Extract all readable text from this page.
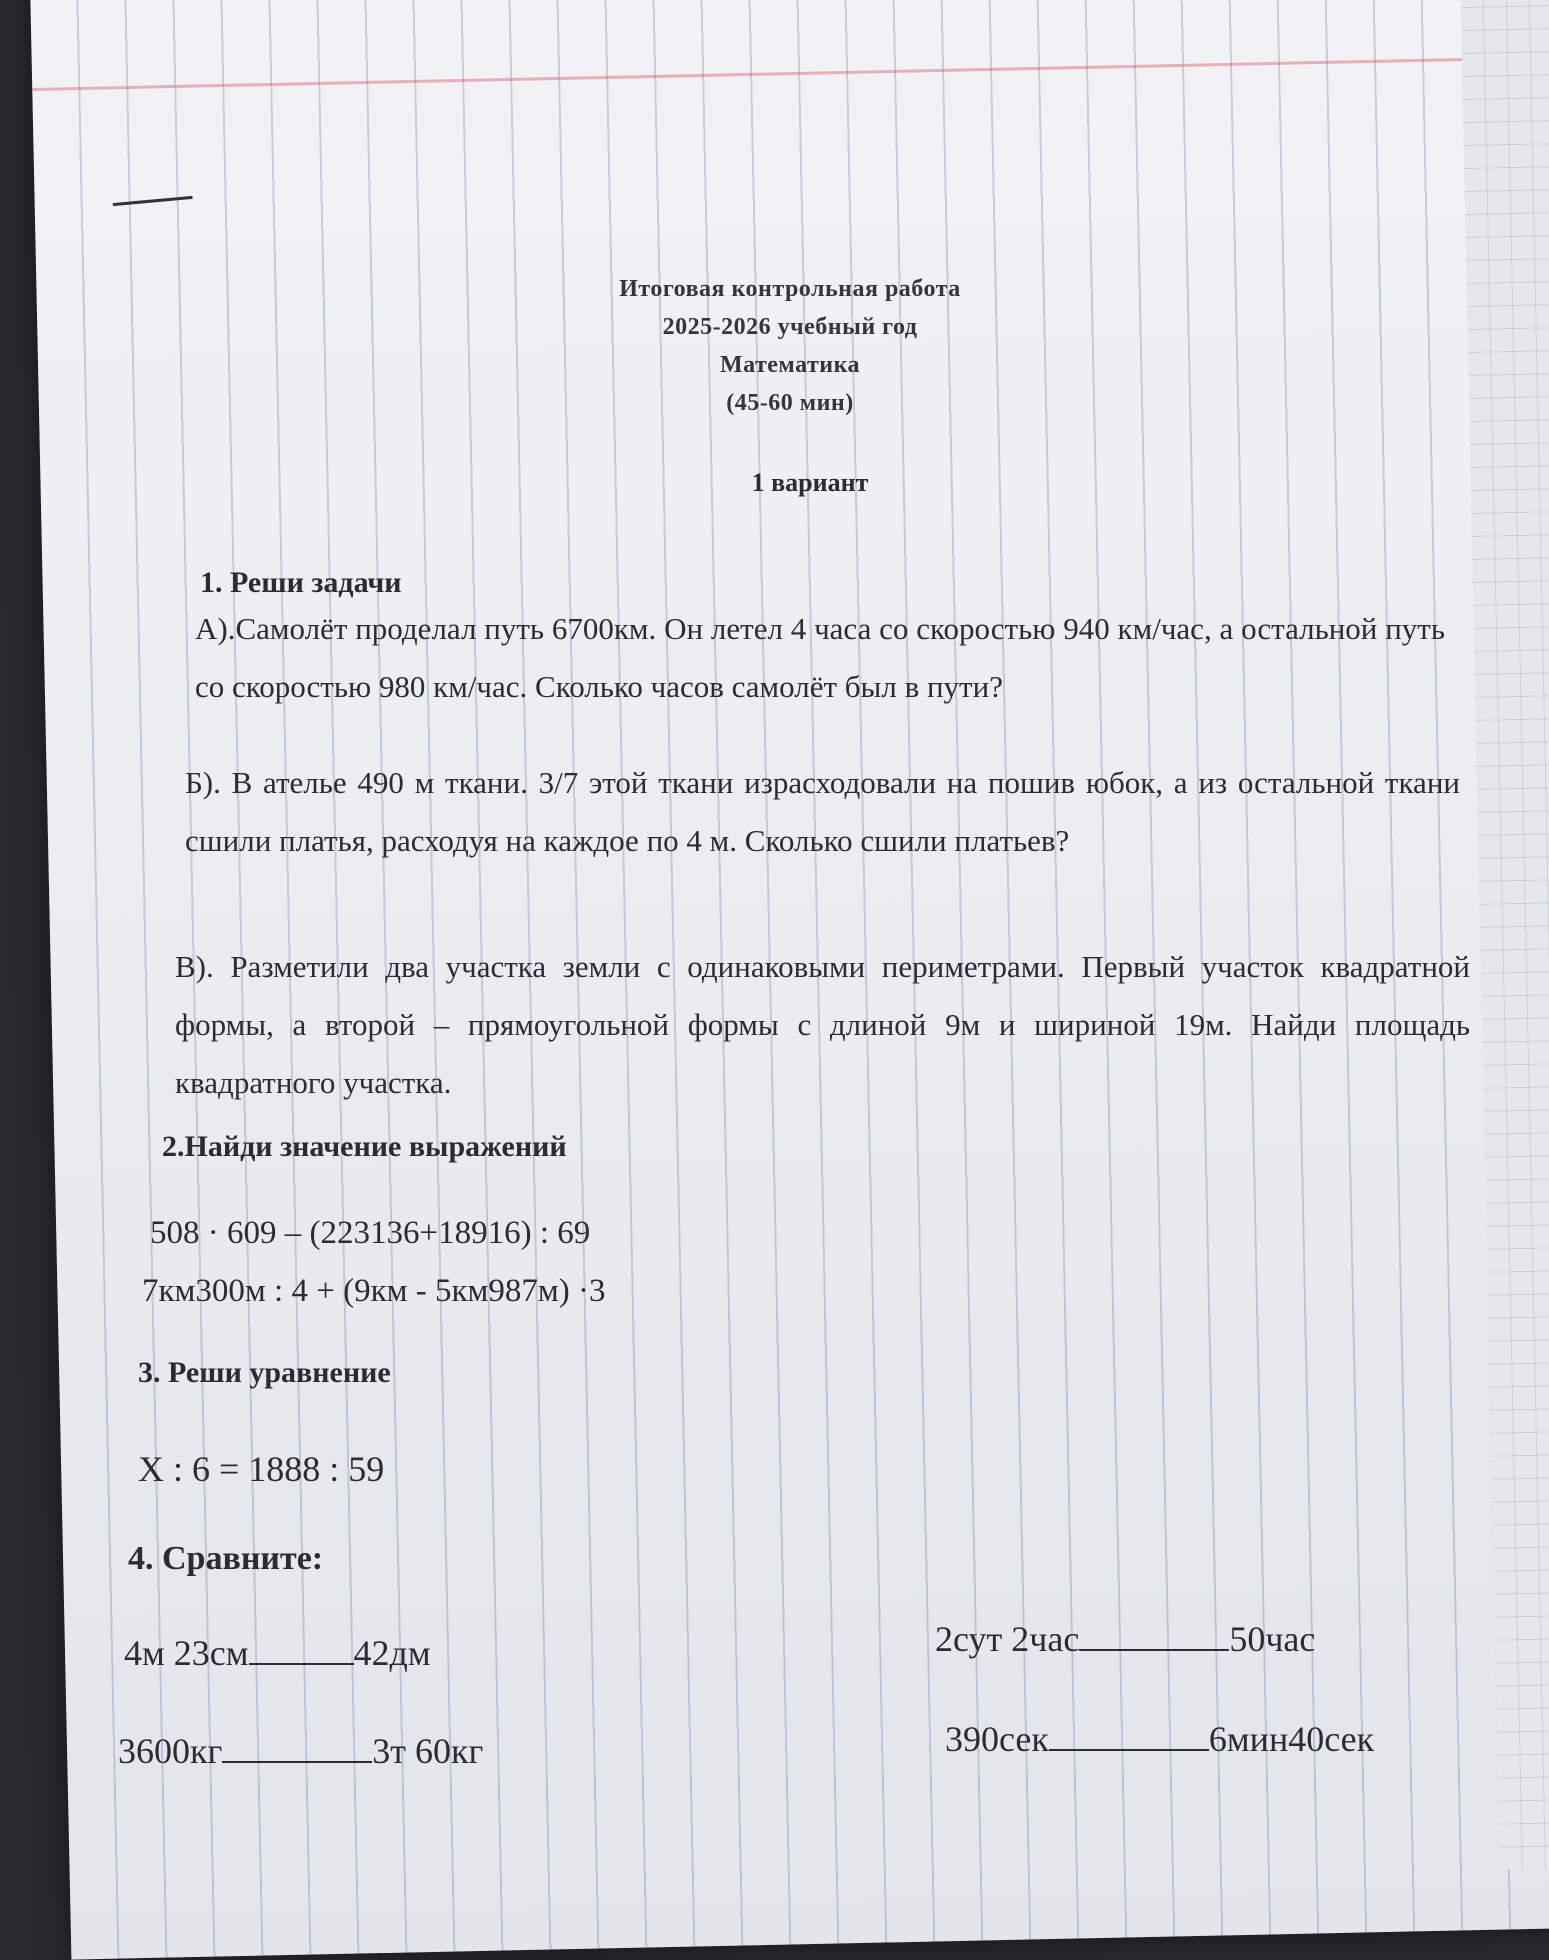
Итоговая контрольная работа
2025-2026 учебный год
Математика
(45-60 мин)
1 вариант
1. Реши задачи

А).Самолёт проделал путь 6700км. Он летел 4 часа со скоростью 940 км/час, а остальной путь со скоростью 980 км/час. Сколько часов самолёт был в пути?

Б). В ателье 490 м ткани. 3/7 этой ткани израсходовали на пошив юбок, а из остальной ткани сшили платья, расходуя на каждое по 4 м. Сколько сшили платьев?

В). Разметили два участка земли с одинаковыми периметрами. Первый участок квадратной формы, а второй – прямоугольной формы с длиной 9м и шириной 19м. Найди площадь квадратного участка.

2.Найди значение выражений
508 · 609 – (223136+18916) : 69
7км300м : 4 + (9км - 5км987м) ·3
3. Реши уравнение
X : 6 = 1888 : 59
4. Сравните:
4м 23см	42дм	2сут 2час	50час
3600кг	3т 60кг	390сек	6мин40сек
